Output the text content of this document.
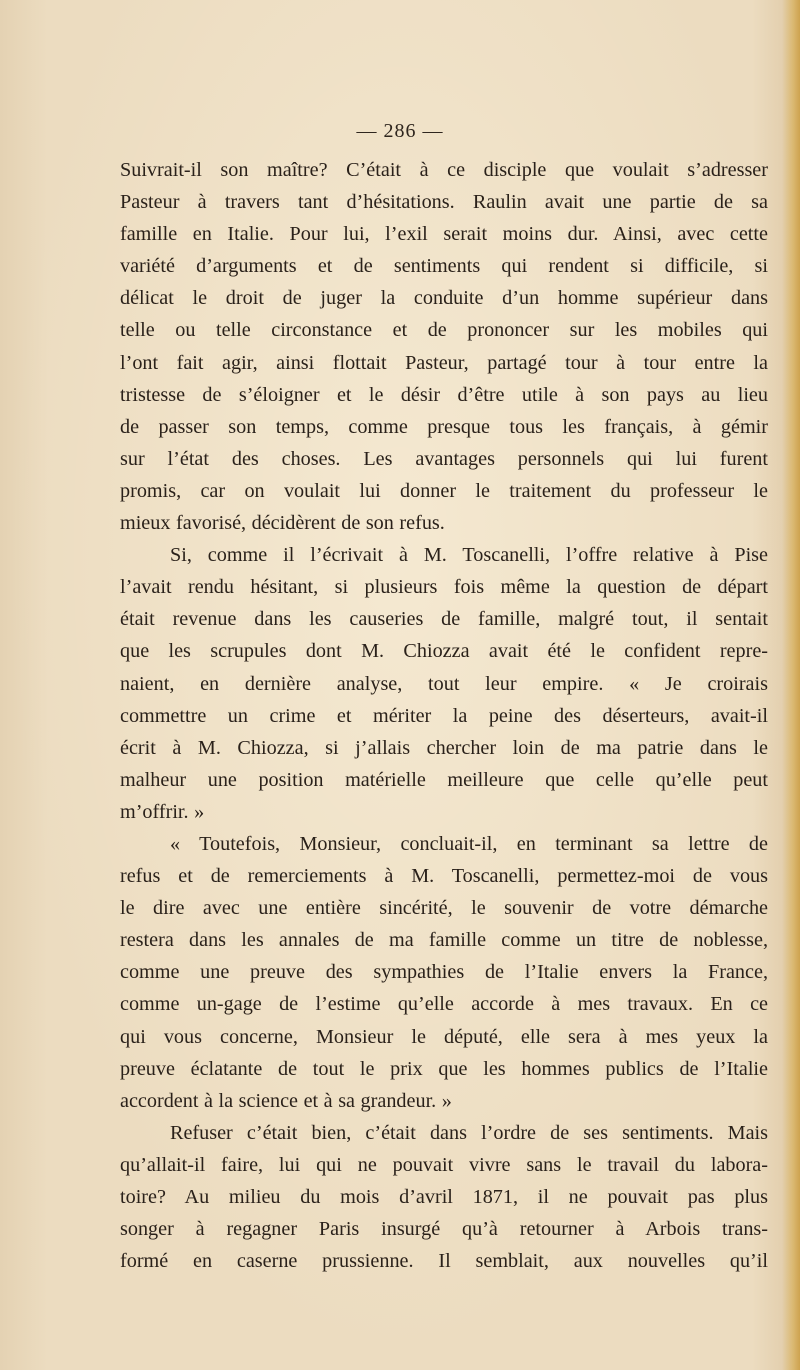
— 286 —
Suivrait-il son maître? C’était à ce disciple que voulait s’adresser
Pasteur à travers tant d’hésitations. Raulin avait une partie de sa
famille en Italie. Pour lui, l’exil serait moins dur. Ainsi, avec cette
variété d’arguments et de sentiments qui rendent si difficile, si
délicat le droit de juger la conduite d’un homme supérieur dans
telle ou telle circonstance et de prononcer sur les mobiles qui
l’ont fait agir, ainsi flottait Pasteur, partagé tour à tour entre la
tristesse de s’éloigner et le désir d’être utile à son pays au lieu
de passer son temps, comme presque tous les français, à gémir
sur l’état des choses. Les avantages personnels qui lui furent
promis, car on voulait lui donner le traitement du professeur le
mieux favorisé, décidèrent de son refus.
Si, comme il l’écrivait à M. Toscanelli, l’offre relative à Pise
l’avait rendu hésitant, si plusieurs fois même la question de départ
était revenue dans les causeries de famille, malgré tout, il sentait
que les scrupules dont M. Chiozza avait été le confident repre-
naient, en dernière analyse, tout leur empire. « Je croirais
commettre un crime et mériter la peine des déserteurs, avait-il
écrit à M. Chiozza, si j’allais chercher loin de ma patrie dans le
malheur une position matérielle meilleure que celle qu’elle peut
m’offrir. »
« Toutefois, Monsieur, concluait-il, en terminant sa lettre de
refus et de remerciements à M. Toscanelli, permettez-moi de vous
le dire avec une entière sincérité, le souvenir de votre démarche
restera dans les annales de ma famille comme un titre de noblesse,
comme une preuve des sympathies de l’Italie envers la France,
comme un-gage de l’estime qu’elle accorde à mes travaux. En ce
qui vous concerne, Monsieur le député, elle sera à mes yeux la
preuve éclatante de tout le prix que les hommes publics de l’Italie
accordent à la science et à sa grandeur. »
Refuser c’était bien, c’était dans l’ordre de ses sentiments. Mais
qu’allait-il faire, lui qui ne pouvait vivre sans le travail du labora-
toire? Au milieu du mois d’avril 1871, il ne pouvait pas plus
songer à regagner Paris insurgé qu’à retourner à Arbois trans-
formé en caserne prussienne. Il semblait, aux nouvelles qu’il
